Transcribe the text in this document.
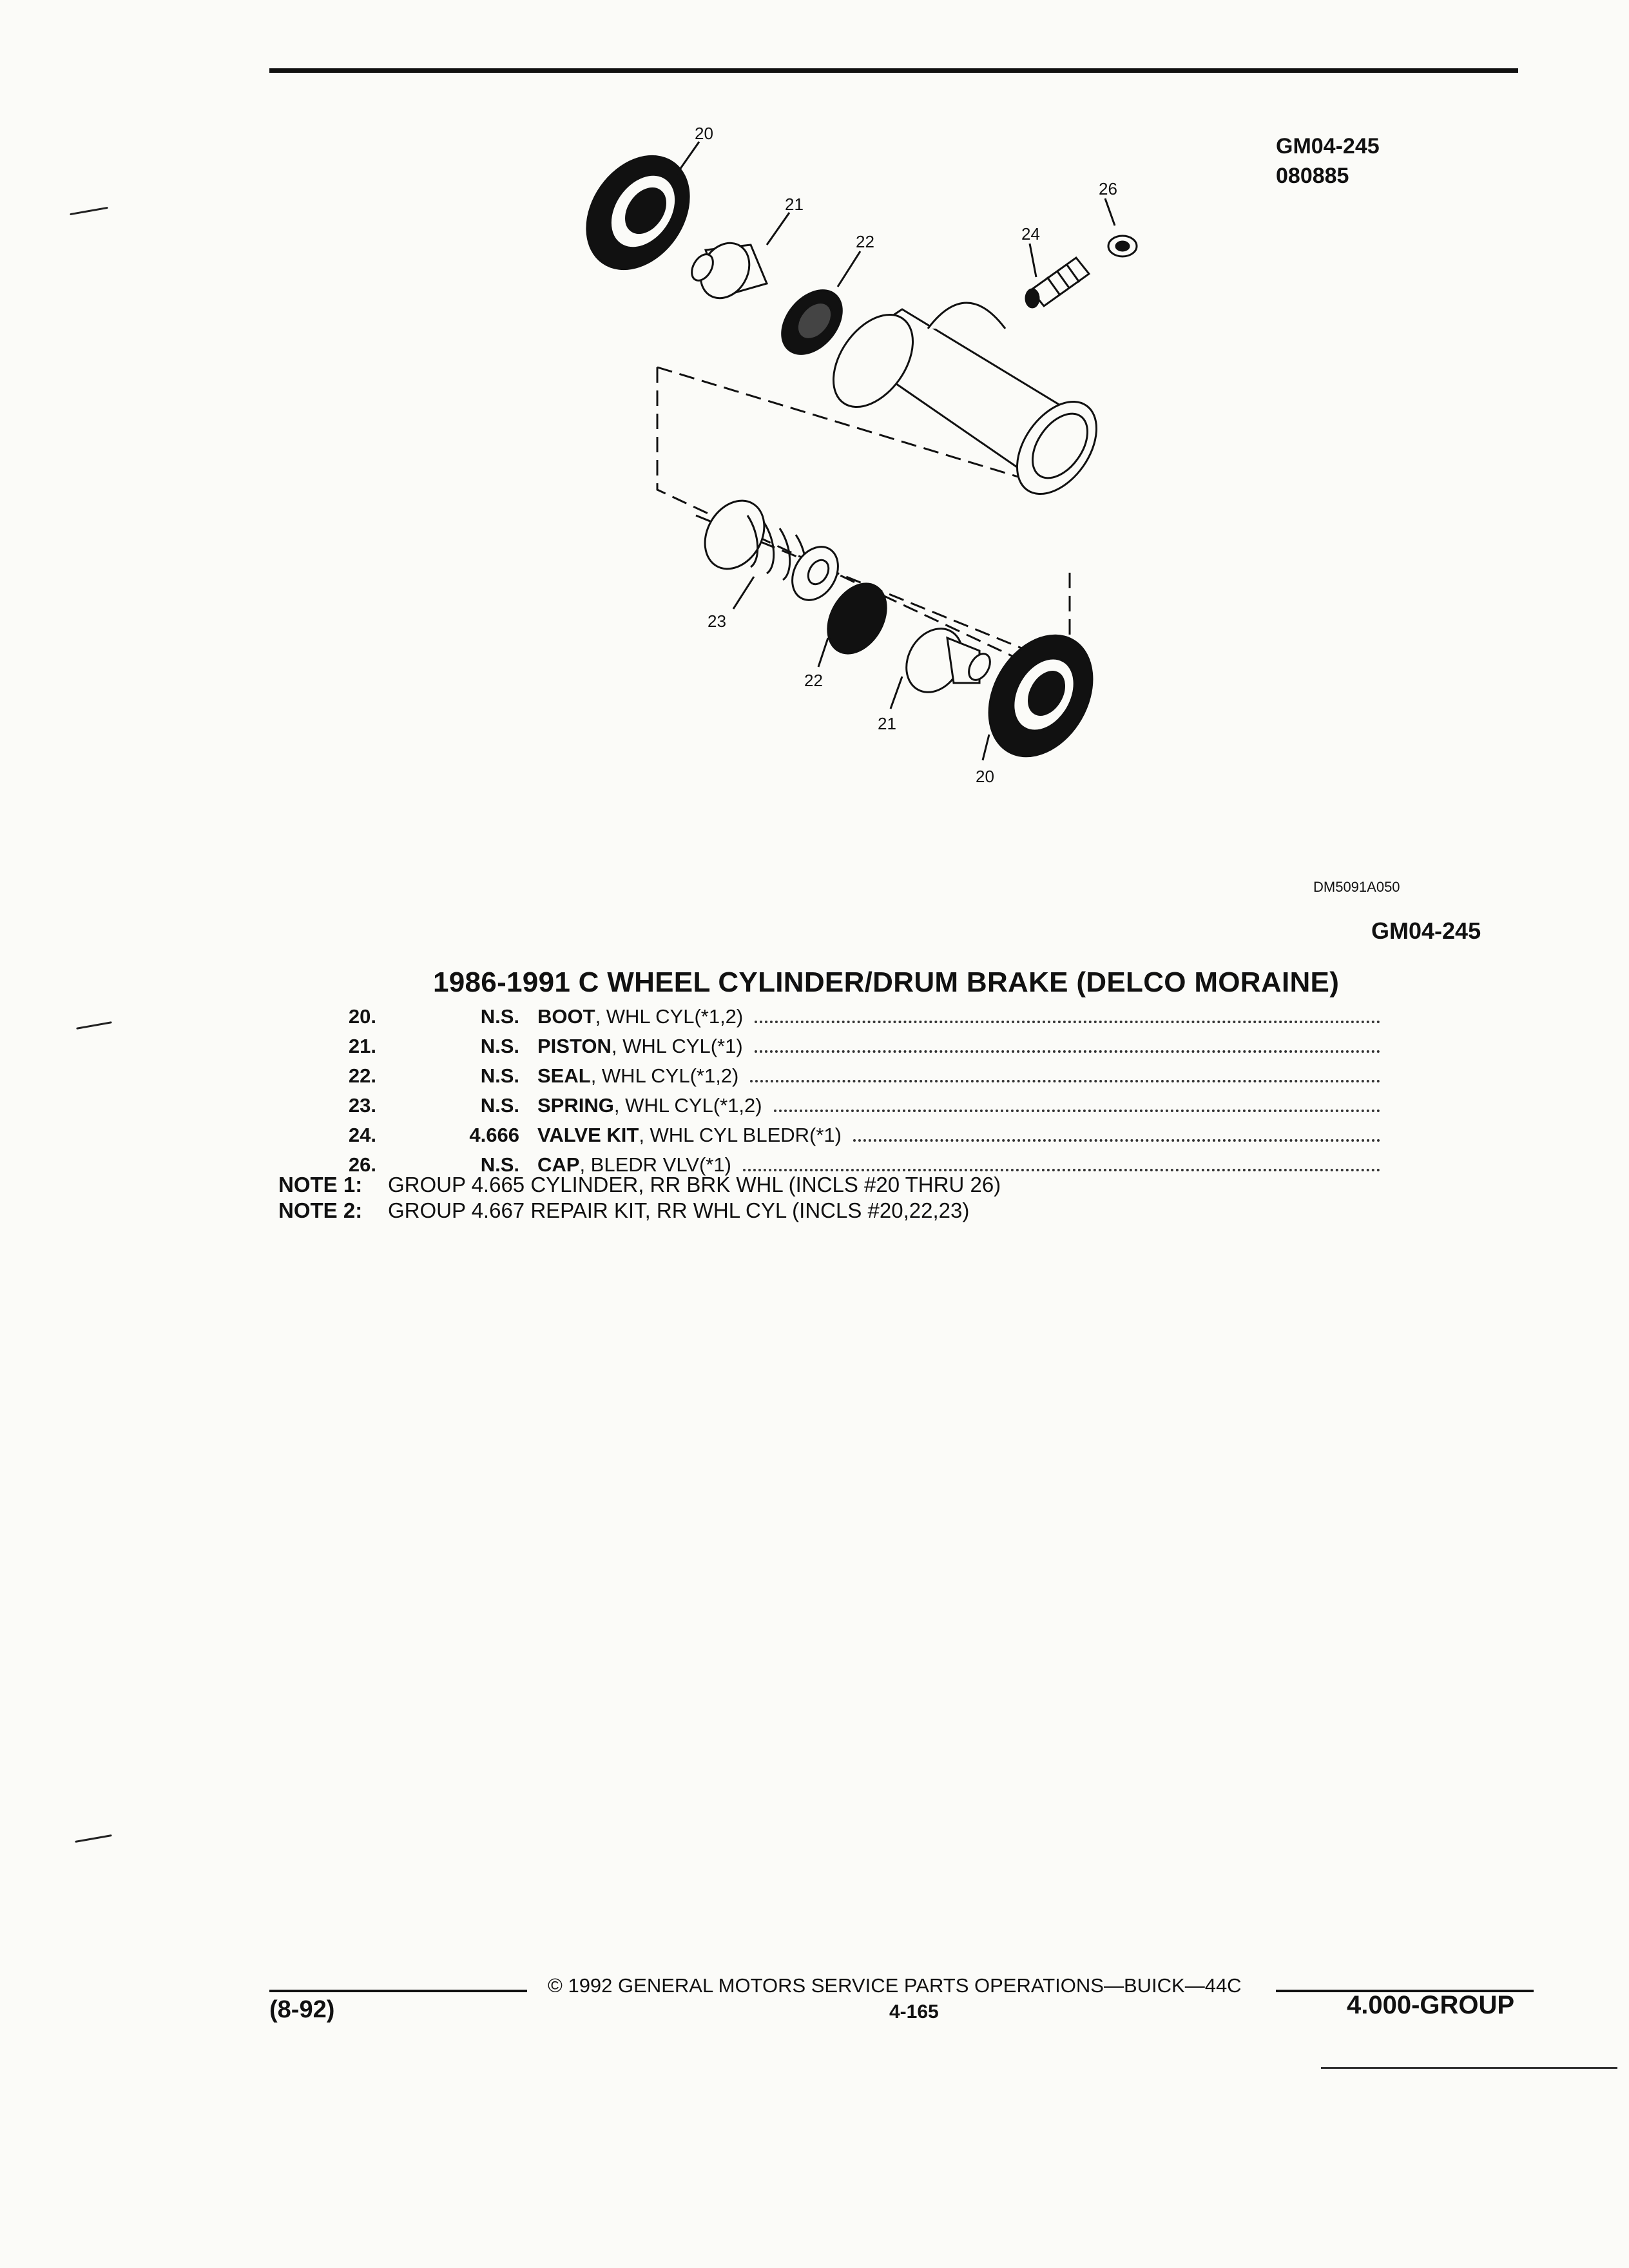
GM04-245
080885
20
21
22	24
26
23
22
21
20
DM5091A050
GM04-245
1986-1991 C WHEEL CYLINDER/DRUM BRAKE (DELCO MORAINE)
20.	N.S. BOOT , WHL CYL(*1,2)
21.	N.S. PISTON , WHL CYL(*1)
22.	N.S. SEAL , WHL CYL(*1,2)
23.	N.S. SPRING , WHL CYL(*1,2)
24.	4.666 VALVE KIT , WHL CYL BLEDR(*1)
26.	N.S. CAP , BLEDR VLV(*1)
NOTE 1:	GROUP 4.665 CYLINDER, RR BRK WHL (INCLS #20 THRU 26)
NOTE 2:	GROUP 4.667 REPAIR KIT, RR WHL CYL (INCLS #20,22,23)
(8-92)
© 1992 GENERAL MOTORS SERVICE PARTS OPERATIONS—BUICK—44C
4-165	4.000-GROUP
